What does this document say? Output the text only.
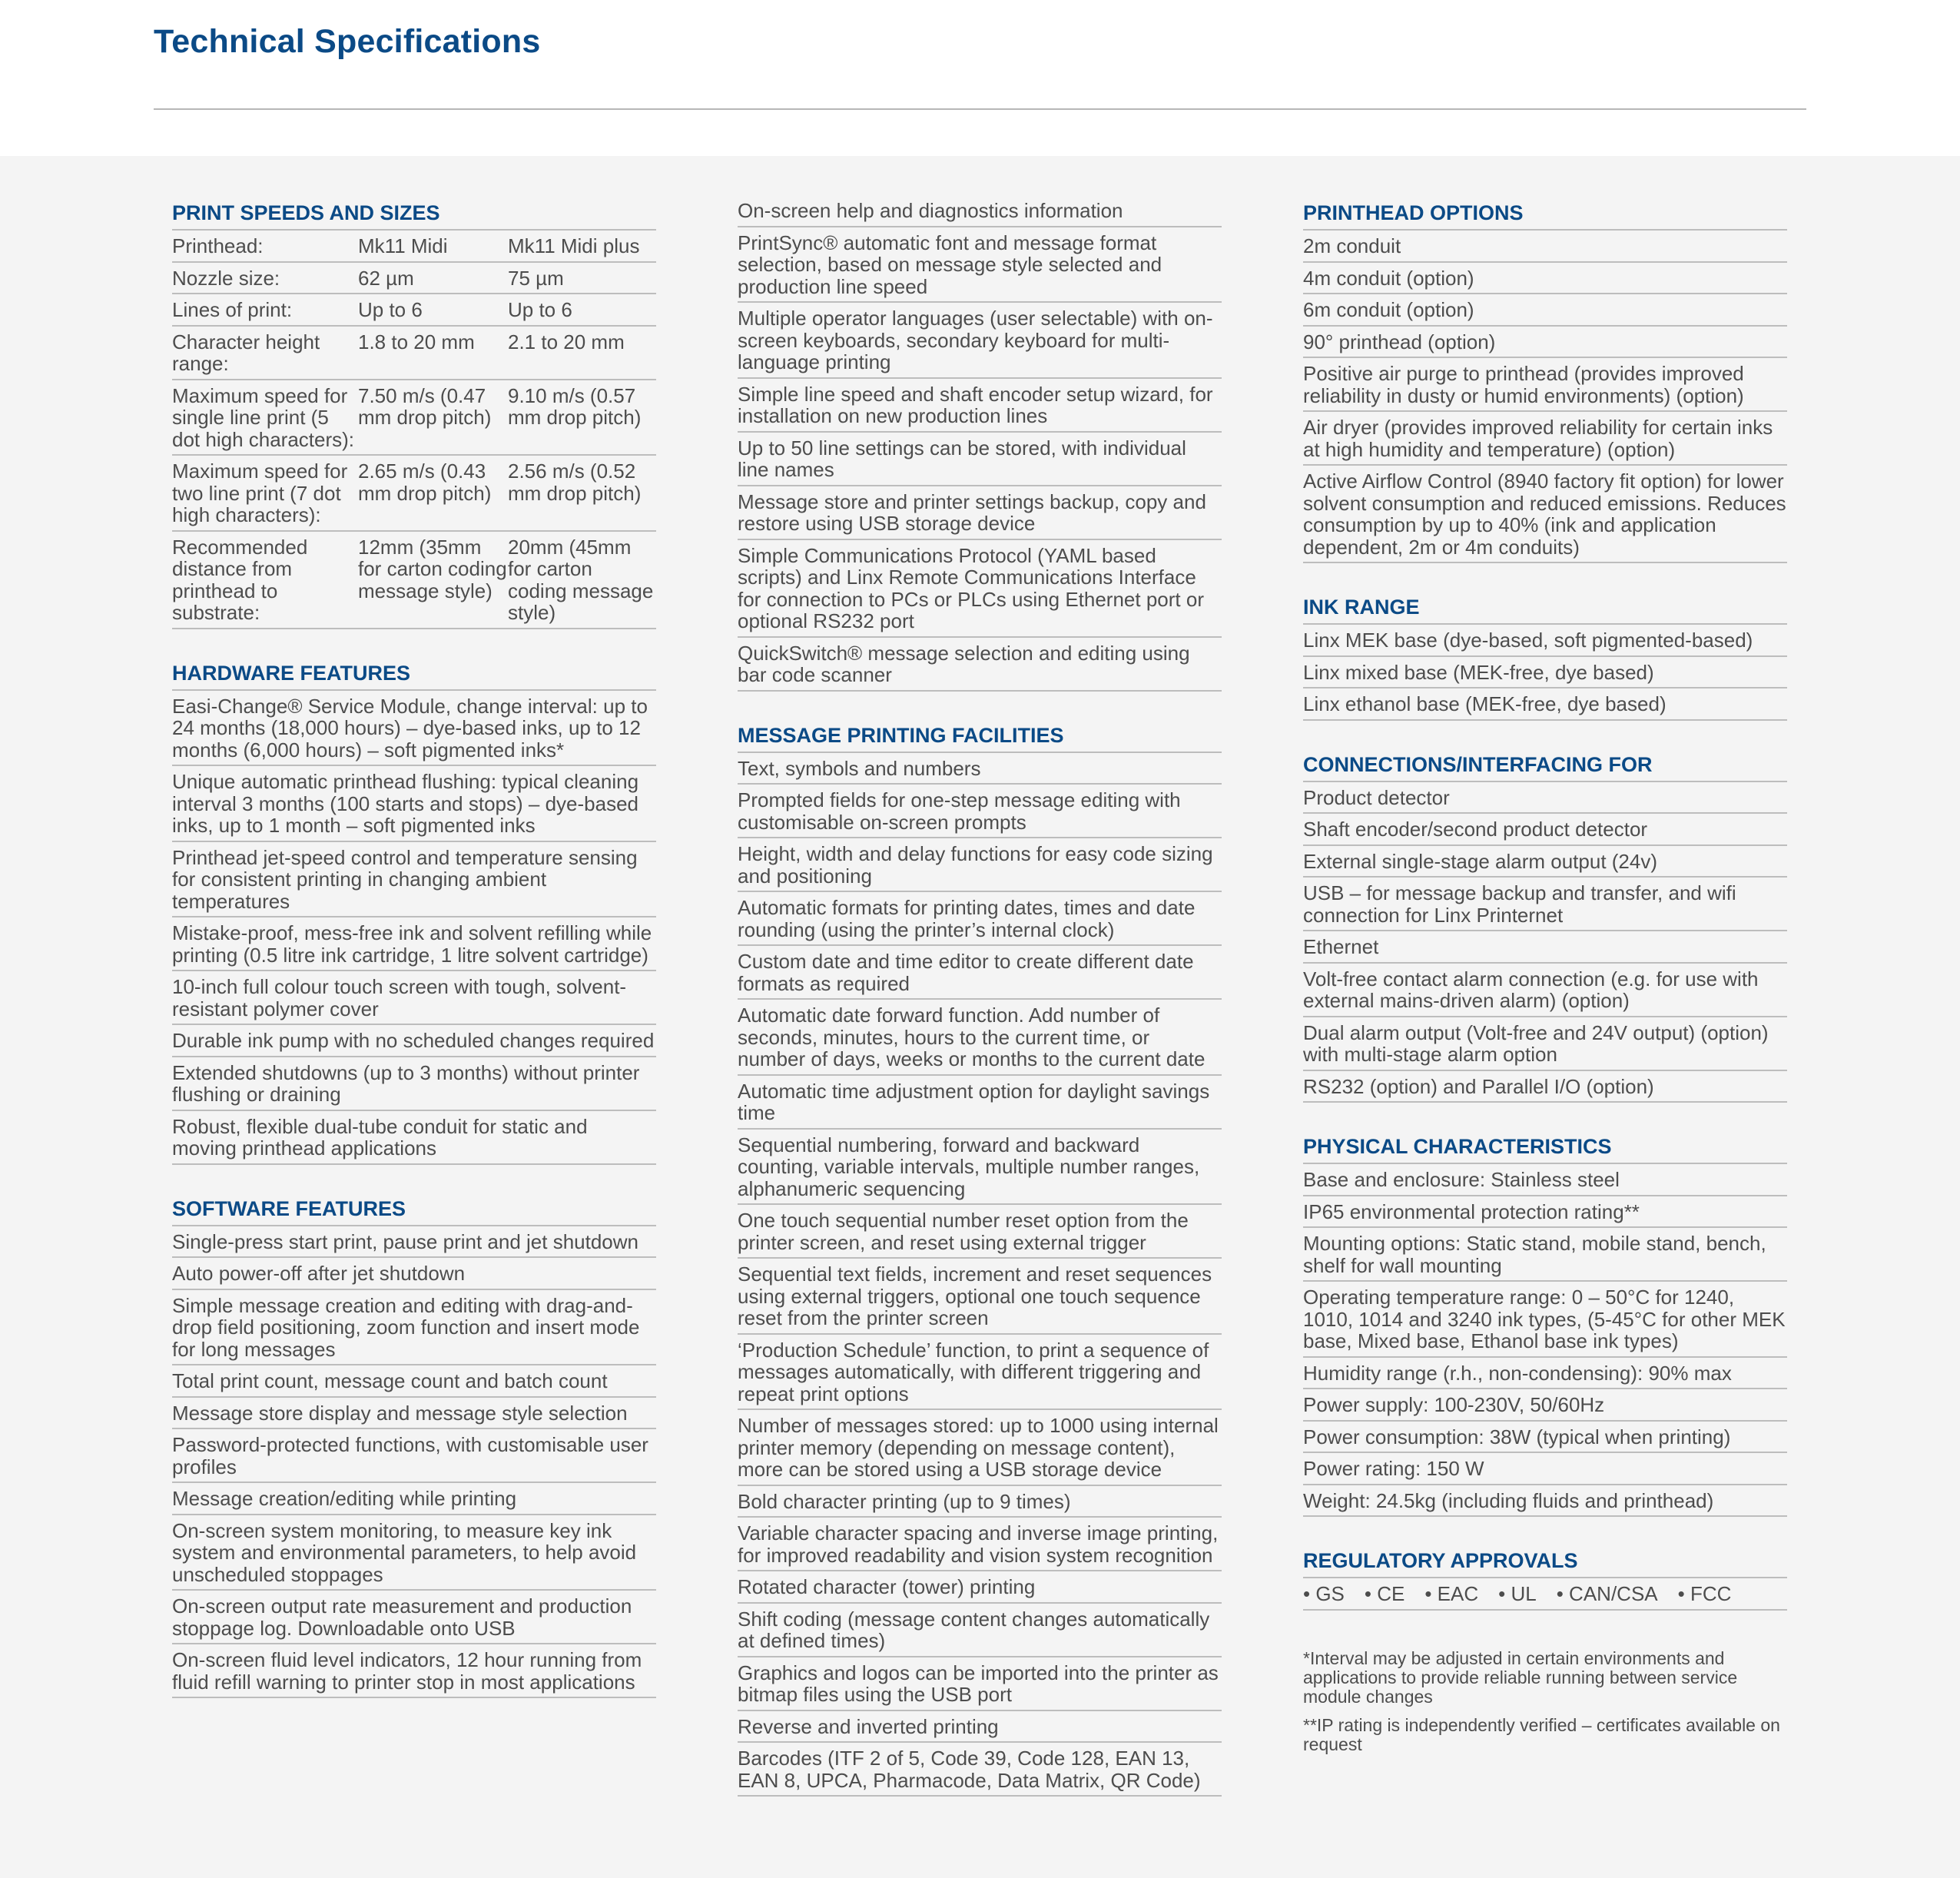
Technical Specifications
PRINT SPEEDS AND SIZES
Printhead:	Mk11 Midi	Mk11 Midi plus
Nozzle size:	62 µm	75 µm
Lines of print:	Up to 6	Up to 6
Character height range:	1.8 to 20 mm	2.1 to 20 mm
Maximum speed for single line print (5 dot high characters):	7.50 m/s (0.47 mm drop pitch)	9.10 m/s (0.57 mm drop pitch)
Maximum speed for two line print (7 dot high characters):	2.65 m/s (0.43 mm drop pitch)	2.56 m/s (0.52 mm drop pitch)
Recommended distance from printhead to substrate:	12mm (35mm for carton coding message style)	20mm (45mm for carton coding message style)
HARDWARE FEATURES
Easi-Change® Service Module, change interval: up to 24 months (18,000 hours) – dye-based inks, up to 12 months (6,000 hours) – soft pigmented inks*
Unique automatic printhead flushing: typical cleaning interval 3 months (100 starts and stops) – dye-based inks, up to 1 month – soft pigmented inks
Printhead jet-speed control and temperature sensing for consistent printing in changing ambient temperatures
Mistake-proof, mess-free ink and solvent refilling while printing (0.5 litre ink cartridge, 1 litre solvent cartridge)
10-inch full colour touch screen with tough, solvent-resistant polymer cover
Durable ink pump with no scheduled changes required
Extended shutdowns (up to 3 months) without printer flushing or draining
Robust, flexible dual-tube conduit for static and moving printhead applications
SOFTWARE FEATURES
Single-press start print, pause print and jet shutdown
Auto power-off after jet shutdown
Simple message creation and editing with drag-and-drop field positioning, zoom function and insert mode for long messages
Total print count, message count and batch count
Message store display and message style selection
Password-protected functions, with customisable user profiles
Message creation/editing while printing
On-screen system monitoring, to measure key ink system and environmental parameters, to help avoid unscheduled stoppages
On-screen output rate measurement and production stoppage log. Downloadable onto USB
On-screen fluid level indicators, 12 hour running from fluid refill warning to printer stop in most applications
On-screen help and diagnostics information
PrintSync® automatic font and message format selection, based on message style selected and production line speed
Multiple operator languages (user selectable) with on-screen keyboards, secondary keyboard for multi-language printing
Simple line speed and shaft encoder setup wizard, for installation on new production lines
Up to 50 line settings can be stored, with individual line names
Message store and printer settings backup, copy and restore using USB storage device
Simple Communications Protocol (YAML based scripts) and Linx Remote Communications Interface for connection to PCs or PLCs using Ethernet port or optional RS232 port
QuickSwitch® message selection and editing using bar code scanner
MESSAGE PRINTING FACILITIES
Text, symbols and numbers
Prompted fields for one-step message editing with customisable on-screen prompts
Height, width and delay functions for easy code sizing and positioning
Automatic formats for printing dates, times and date rounding (using the printer’s internal clock)
Custom date and time editor to create different date formats as required
Automatic date forward function. Add number of seconds, minutes, hours to the current time, or number of days, weeks or months to the current date
Automatic time adjustment option for daylight savings time
Sequential numbering, forward and backward counting, variable intervals, multiple number ranges, alphanumeric sequencing
One touch sequential number reset option from the printer screen, and reset using external trigger
Sequential text fields, increment and reset sequences using external triggers, optional one touch sequence reset from the printer screen
‘Production Schedule’ function, to print a sequence of messages automatically, with different triggering and repeat print options
Number of messages stored: up to 1000 using internal printer memory (depending on message content), more can be stored using a USB storage device
Bold character printing (up to 9 times)
Variable character spacing and inverse image printing, for improved readability and vision system recognition
Rotated character (tower) printing
Shift coding (message content changes automatically at defined times)
Graphics and logos can be imported into the printer as bitmap files using the USB port
Reverse and inverted printing
Barcodes (ITF 2 of 5, Code 39, Code 128, EAN 13, EAN 8, UPCA, Pharmacode, Data Matrix, QR Code)
PRINTHEAD OPTIONS
2m conduit
4m conduit (option)
6m conduit (option)
90° printhead (option)
Positive air purge to printhead (provides improved reliability in dusty or humid environments) (option)
Air dryer (provides improved reliability for certain inks at high humidity and temperature) (option)
Active Airflow Control (8940 factory fit option) for lower solvent consumption and reduced emissions. Reduces consumption by up to 40% (ink and application dependent, 2m or 4m conduits)
INK RANGE
Linx MEK base (dye-based, soft pigmented-based)
Linx mixed base (MEK-free, dye based)
Linx ethanol base (MEK-free, dye based)
CONNECTIONS/INTERFACING FOR
Product detector
Shaft encoder/second product detector
External single-stage alarm output (24v)
USB – for message backup and transfer, and wifi connection for Linx Printernet
Ethernet
Volt-free contact alarm connection (e.g. for use with external mains-driven alarm) (option)
Dual alarm output (Volt-free and 24V output) (option) with multi-stage alarm option
RS232 (option) and Parallel I/O (option)
PHYSICAL CHARACTERISTICS
Base and enclosure: Stainless steel
IP65 environmental protection rating**
Mounting options: Static stand, mobile stand, bench, shelf for wall mounting
Operating temperature range: 0 – 50°C for 1240, 1010, 1014 and 3240 ink types, (5-45°C for other MEK base, Mixed base, Ethanol base ink types)
Humidity range (r.h., non-condensing): 90% max
Power supply: 100-230V, 50/60Hz
Power consumption: 38W (typical when printing)
Power rating: 150 W
Weight: 24.5kg (including fluids and printhead)
REGULATORY APPROVALS
• GS • CE • EAC • UL • CAN/CSA • FCC
*Interval may be adjusted in certain environments and applications to provide reliable running between service module changes
**IP rating is independently verified – certificates available on request
